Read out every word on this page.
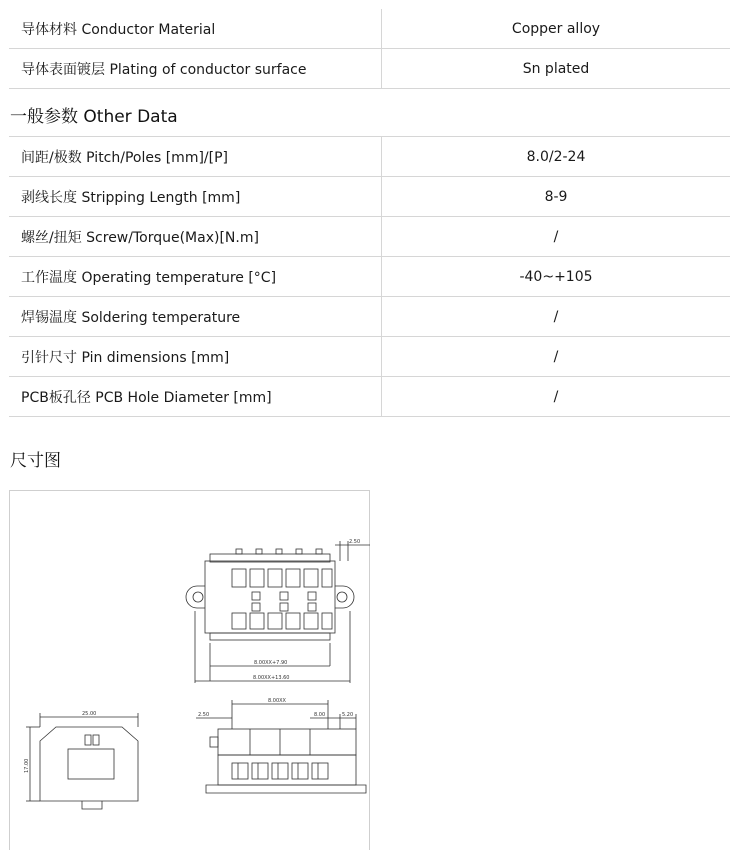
导体材料 Conductor Material	Copper alloy
导体表面镀层 Plating of conductor surface	Sn plated
一般参数 Other Data
间距/极数 Pitch/Poles [mm]/[P]	8.0/2-24
剥线长度 Stripping Length [mm]	8-9
螺丝/扭矩 Screw/Torque(Max)[N.m]	/
工作温度 Operating temperature [°C]	-40~+105
焊锡温度 Soldering temperature	/
引针尺寸 Pin dimensions [mm]	/
PCB板孔径 PCB Hole Diameter [mm]	/
尺寸图
2.50
8.00XX+7.90
8.00XX+13.60
25.00
17.00
8.00XX
2.50	8.00	5.20
